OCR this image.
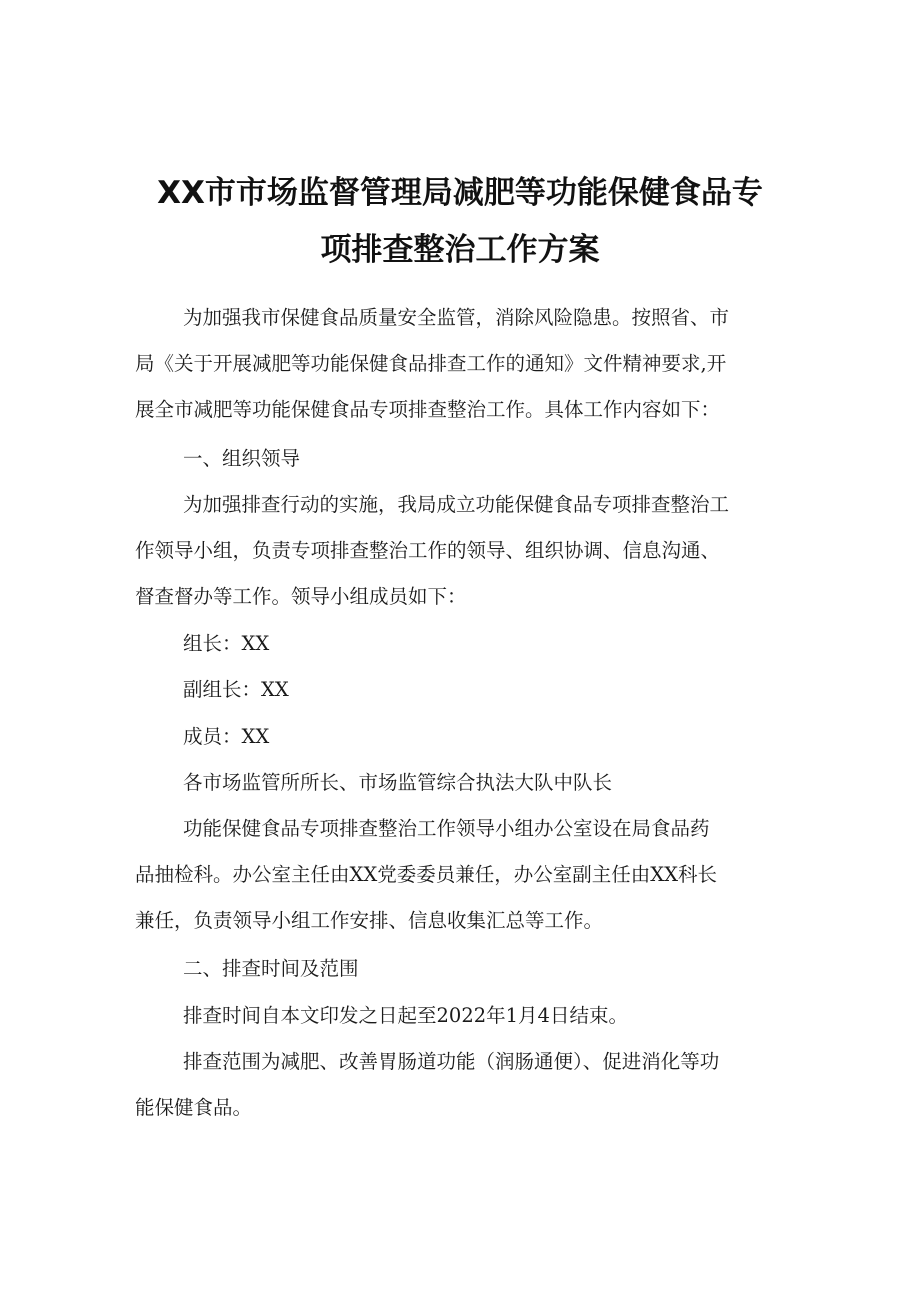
XX市市场监督管理局减肥等功能保健食品专
项排查整治工作方案
为加强我市保健食品质量安全监管，消除风险隐患。按照省、市
局《关于开展减肥等功能保健食品排查工作的通知》文件精神要求,开
展全市减肥等功能保健食品专项排查整治工作。具体工作内容如下：
一、组织领导
为加强排查行动的实施，我局成立功能保健食品专项排查整治工
作领导小组，负责专项排查整治工作的领导、组织协调、信息沟通、
督查督办等工作。领导小组成员如下：
组长：XX
副组长：XX
成员：XX
各市场监管所所长、市场监管综合执法大队中队长
功能保健食品专项排查整治工作领导小组办公室设在局食品药
品抽检科。办公室主任由XX党委委员兼任，办公室副主任由XX科长
兼任，负责领导小组工作安排、信息收集汇总等工作。
二、排查时间及范围
排查时间自本文印发之日起至2022年1月4日结束。
排查范围为减肥、改善胃肠道功能（润肠通便）、促进消化等功
能保健食品。
